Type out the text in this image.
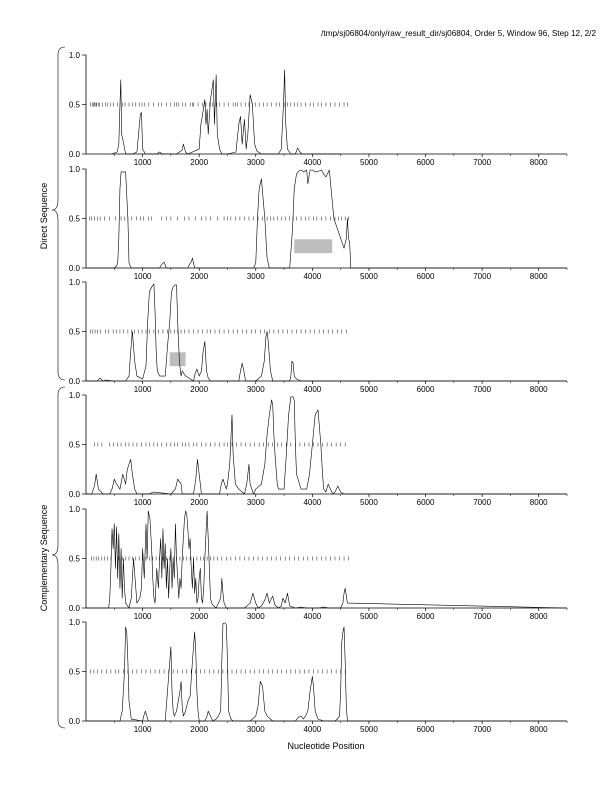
/tmp/sj06804/only/raw_result_dir/sj06804, Order 5, Window 96, Step 12, 2/2
Direct Sequence
Complementary Sequence
Nucleotide Position
0.0
0.5
1.0
1000	2000	3000	4000	5000	6000	7000	8000
0.0
0.5
1.0
1000	2000	3000	4000	5000	6000	7000	8000
0.0
0.5
1.0
1000	2000	3000	4000	5000	6000	7000	8000
0.0
0.5
1.0
1000	2000	3000	4000	5000	6000	7000	8000
0.0
0.5
1.0
1000	2000	3000	4000	5000	6000	7000	8000
0.0
0.5
1.0
1000	2000	3000	4000	5000	6000	7000	8000
